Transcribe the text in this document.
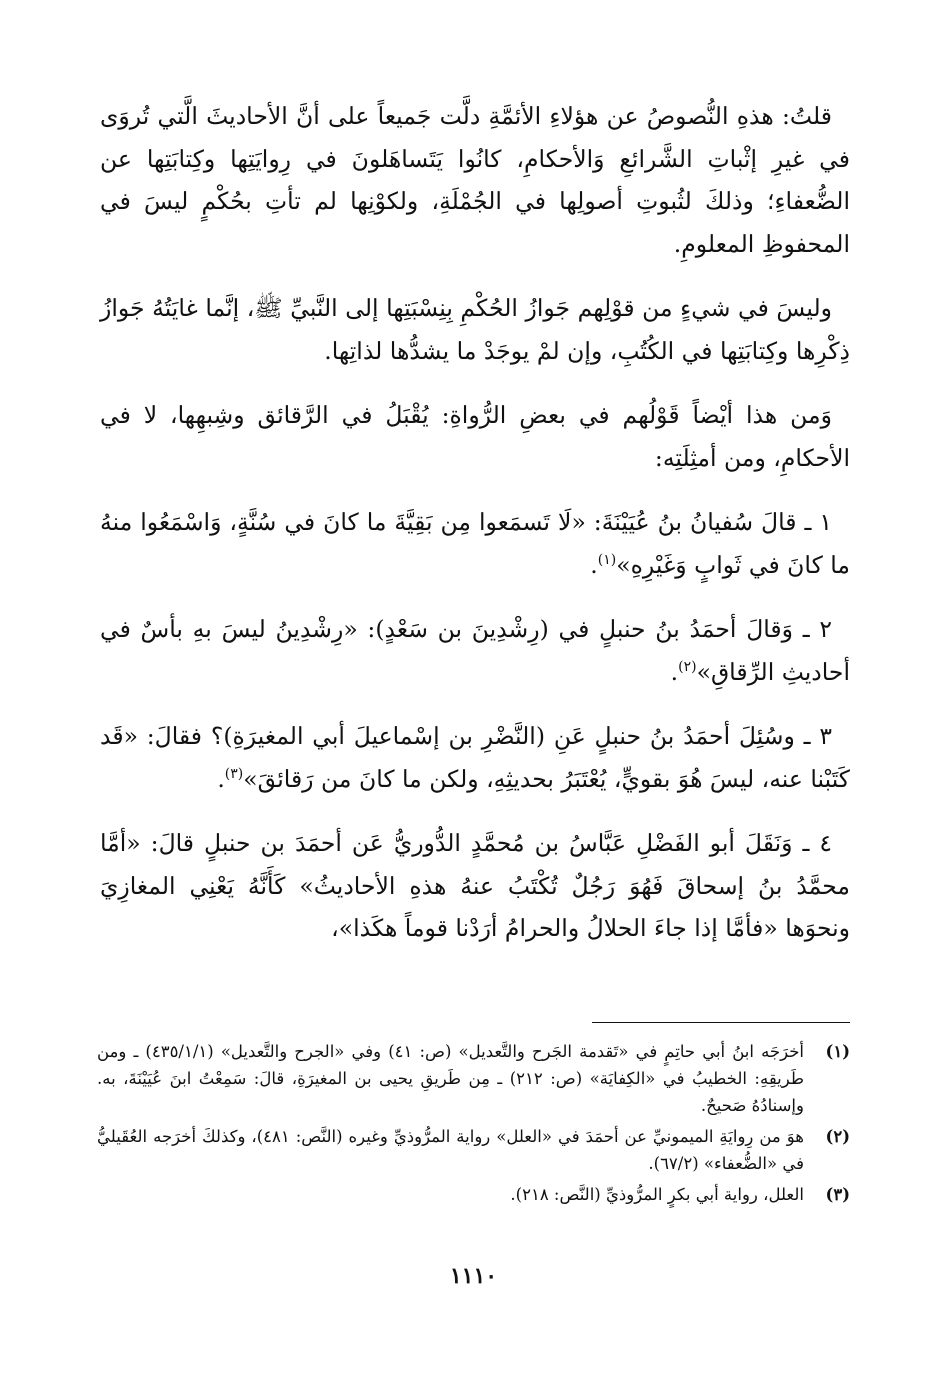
قلتُ: هذهِ النُّصوصُ عن هؤلاءِ الأئمَّةِ دلَّت جَميعاً على أنَّ الأحاديثَ الَّتي تُروَى في غيرِ إثْباتِ الشَّرائعِ وَالأحكامِ، كانُوا يَتَساهَلونَ في رِوايَتِها وكِتابَتِها عن الضُّعفاءِ؛ وذلكَ لثُبوتِ أصولِها في الجُمْلَةِ، ولكوْنِها لم تأتِ بحُكْمٍ ليسَ في المحفوظِ المعلومِ.

وليسَ في شيءٍ من قوْلِهم جَوازُ الحُكْمِ بِنِسْبَتِها إلى النَّبيِّ ﷺ، إنَّما غايَتُهُ جَوازُ ذِكْرِها وكِتابَتِها في الكُتُبِ، وإن لمْ يوجَدْ ما يشدُّها لذاتِها.

وَمن هذا أيْضاً قَوْلُهم في بعضِ الرُّواةِ: يُقْبَلُ في الرَّقائق وشِبهِها، لا في الأحكامِ، ومن أمثِلَتِه:

١ ـ قالَ سُفيانُ بنُ عُيَيْنَةَ: «لَا تَسمَعوا مِن بَقِيَّةَ ما كانَ في سُنَّةٍ، وَاسْمَعُوا منهُ ما كانَ في ثَوابٍ وَغَيْرِهِ»$^{(١)}$.

٢ ـ وَقالَ أحمَدُ بنُ حنبلٍ في (رِشْدِينَ بن سَعْدٍ): «رِشْدِينُ ليسَ بهِ بأسٌ في أحاديثِ الرِّقاقِ»$^{(٢)}$.

٣ ـ وسُئِلَ أحمَدُ بنُ حنبلٍ عَنِ (النَّضْرِ بن إسْماعيلَ أبي المغيرَةِ)؟ فقالَ: «قَد كَتَبْنا عنه، ليسَ هُوَ بقويٍّ، يُعْتَبَرُ بحديثِهِ، ولكن ما كانَ من رَقائقَ»$^{(٣)}$.

٤ ـ وَنَقَلَ أبو الفَضْلِ عَبَّاسُ بن مُحمَّدٍ الدُّوريُّ عَن أحمَدَ بن حنبلٍ قالَ: «أمَّا محمَّدُ بنُ إسحاقَ فَهُوَ رَجُلٌ تُكْتَبُ عنهُ هذهِ الأحاديثُ» كَأَنَّهُ يَعْنِي المغازِيَ ونحوَها «فأمَّا إذا جاءَ الحلالُ والحرامُ أرَدْنا قوماً هكَذا»،

(١)
أخرَجَه ابنُ أبي حاتِمٍ في «تَقدمة الجَرح والتَّعديل» (ص: ٤١) وفي «الجرح والتَّعديل» (٤٣٥/١/١) ـ ومن طَريقِهِ: الخطيبُ في «الكِفايَة» (ص: ٢١٢) ـ مِن طَريقِ يحيى بن المغيرَةِ، قالَ: سَمِعْتُ ابنَ عُيَيْنَةَ، به. وإسنادُهُ صَحيحٌ.
(٢)
هوَ من رِوايَةِ الميمونيِّ عن أحمَدَ في «العلل» رواية المرُّوذيِّ وغيره (النَّص: ٤٨١)، وكذلكَ أخرَجه العُقَيليُّ في «الضُّعفاء» (٦٧/٢).
(٣)
العلل، رواية أبي بكرٍ المرُّوذيِّ (النَّص: ٢١٨).
١١١٠
